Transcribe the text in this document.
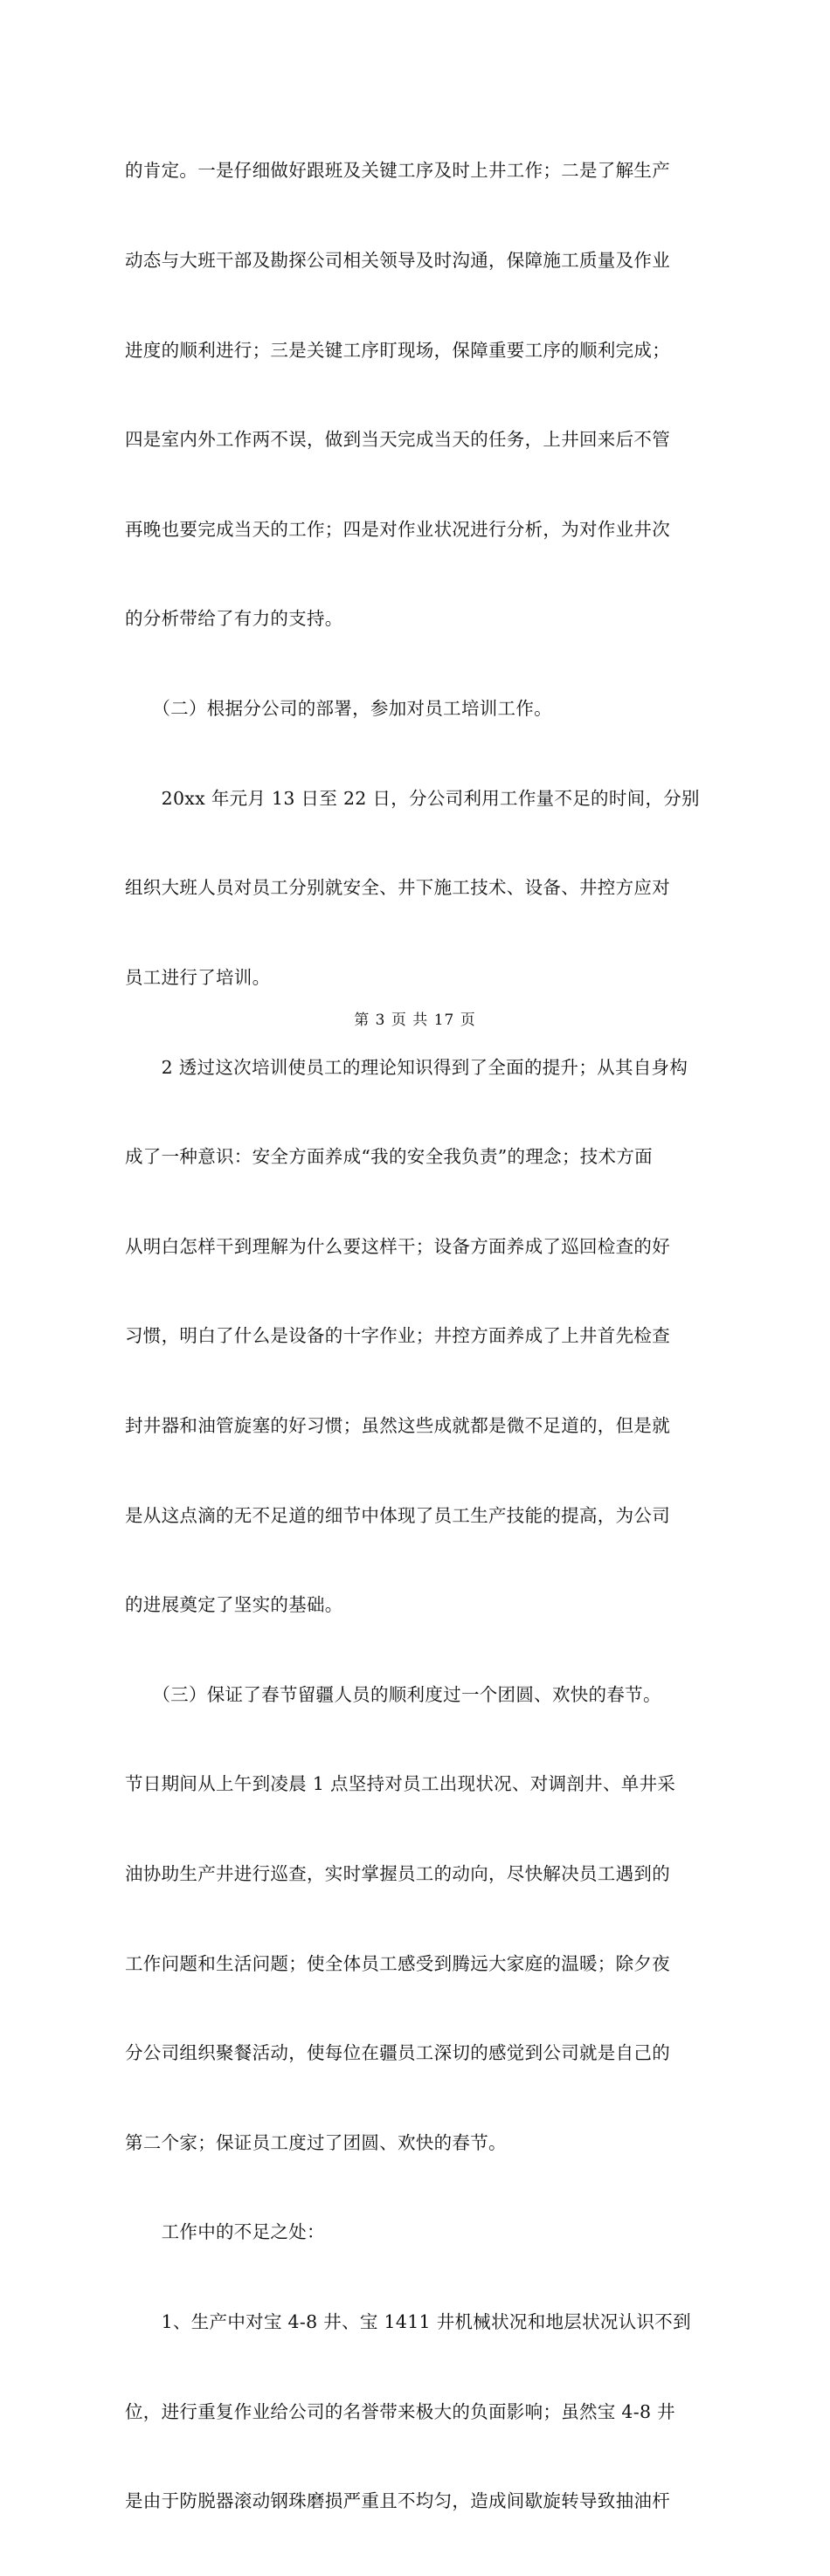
的肯定。一是仔细做好跟班及关键工序及时上井工作；二是了解生产

动态与大班干部及勘探公司相关领导及时沟通，保障施工质量及作业

进度的顺利进行；三是关键工序盯现场，保障重要工序的顺利完成；

四是室内外工作两不误，做到当天完成当天的任务，上井回来后不管

再晚也要完成当天的工作；四是对作业状况进行分析，为对作业井次

的分析带给了有力的支持。

　　（二）根据分公司的部署，参加对员工培训工作。

　　20xx 年元月 13 日至 22 日，分公司利用工作量不足的时间，分别

组织大班人员对员工分别就安全、井下施工技术、设备、井控方应对

员工进行了培训。

　　2 透过这次培训使员工的理论知识得到了全面的提升；从其自身构

成了一种意识：安全方面养成“我的安全我负责”的理念；技术方面

从明白怎样干到理解为什么要这样干；设备方面养成了巡回检查的好

习惯，明白了什么是设备的十字作业；井控方面养成了上井首先检查

封井器和油管旋塞的好习惯；虽然这些成就都是微不足道的，但是就

是从这点滴的无不足道的细节中体现了员工生产技能的提高，为公司

的进展奠定了坚实的基础。

　　（三）保证了春节留疆人员的顺利度过一个团圆、欢快的春节。

节日期间从上午到凌晨 1 点坚持对员工出现状况、对调剖井、单井采

油协助生产井进行巡查，实时掌握员工的动向，尽快解决员工遇到的

工作问题和生活问题；使全体员工感受到腾远大家庭的温暖；除夕夜

分公司组织聚餐活动，使每位在疆员工深切的感觉到公司就是自己的

第二个家；保证员工度过了团圆、欢快的春节。

　　工作中的不足之处：

　　1、生产中对宝 4-8 井、宝 1411 井机械状况和地层状况认识不到

位，进行重复作业给公司的名誉带来极大的负面影响；虽然宝 4-8 井

是由于防脱器滚动钢珠磨损严重且不均匀，造成间歇旋转导致抽油杆

第 3 页 共 17 页
